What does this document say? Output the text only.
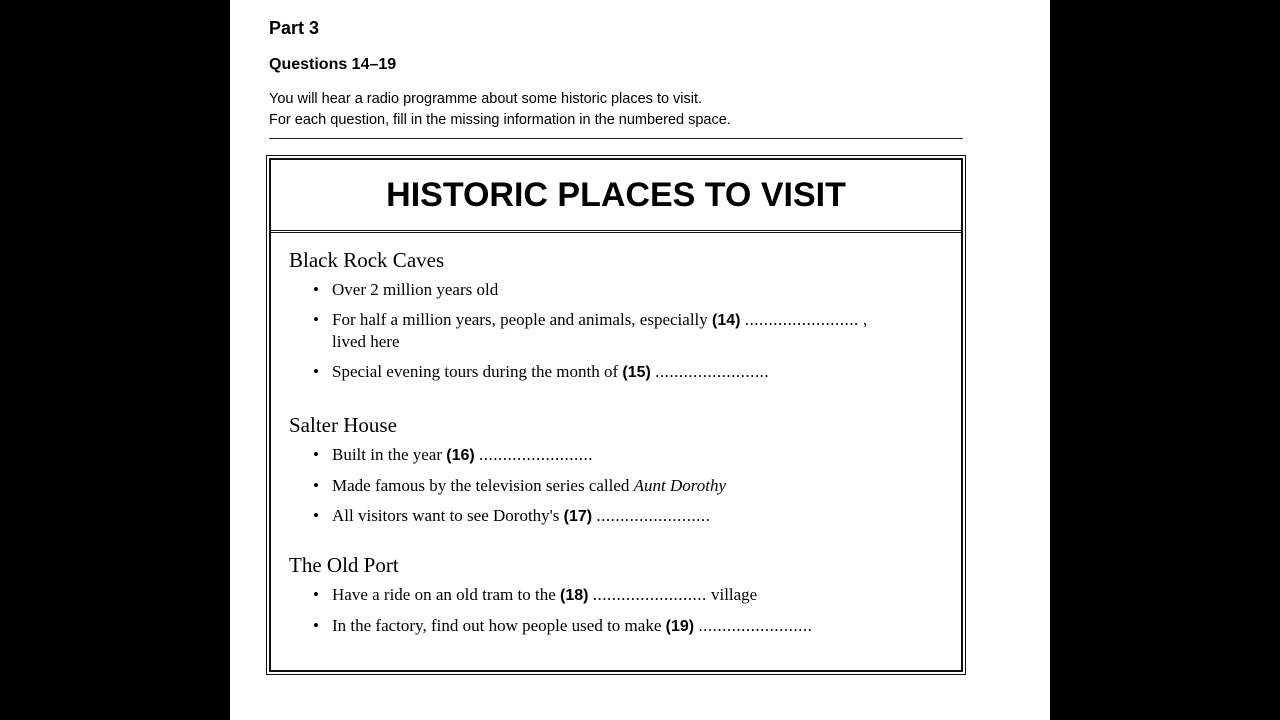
Part 3
Questions 14–19
You will hear a radio programme about some historic places to visit.
For each question, fill in the missing information in the numbered space.
HISTORIC PLACES TO VISIT
Black Rock Caves
• Over 2 million years old
• For half a million years, people and animals, especially (14) ........................ ,
lived here
• Special evening tours during the month of (15) ........................
Salter House
• Built in the year (16) ........................
• Made famous by the television series called Aunt Dorothy
• All visitors want to see Dorothy's (17) ........................
The Old Port
• Have a ride on an old tram to the (18) ........................ village
• In the factory, find out how people used to make (19) ........................
